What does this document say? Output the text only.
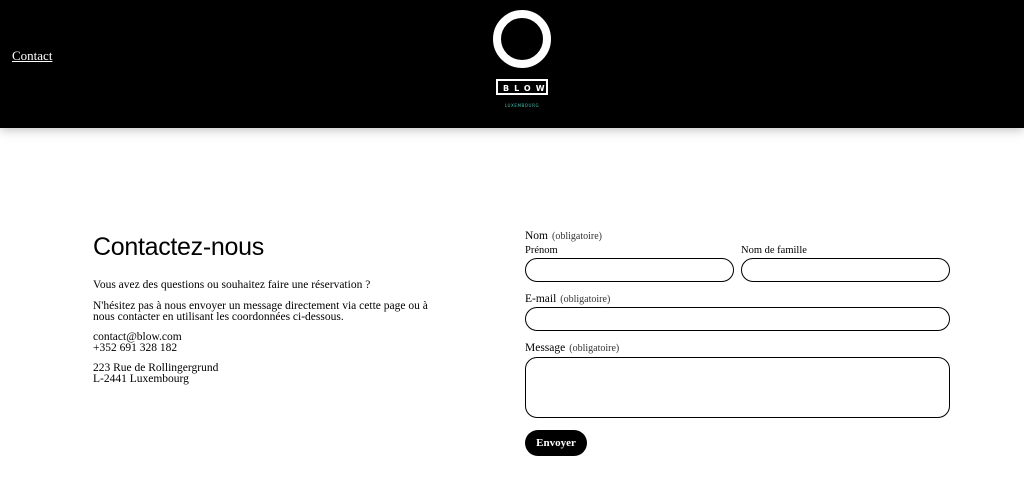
Contact
BLOW
LUXEMBOURG
Contactez-nous

Vous avez des questions ou souhaitez faire une réservation ?

N'hésitez pas à nous envoyer un message directement via cette page ou à

nous contacter en utilisant les coordonnées ci-dessous.

contact@blow.com

+352 691 328 182

223 Rue de Rollingergrund

L-2441 Luxembourg

Nom (obligatoire)
Prénom	Nom de famille
E-mail (obligatoire)
Message (obligatoire)
Envoyer
